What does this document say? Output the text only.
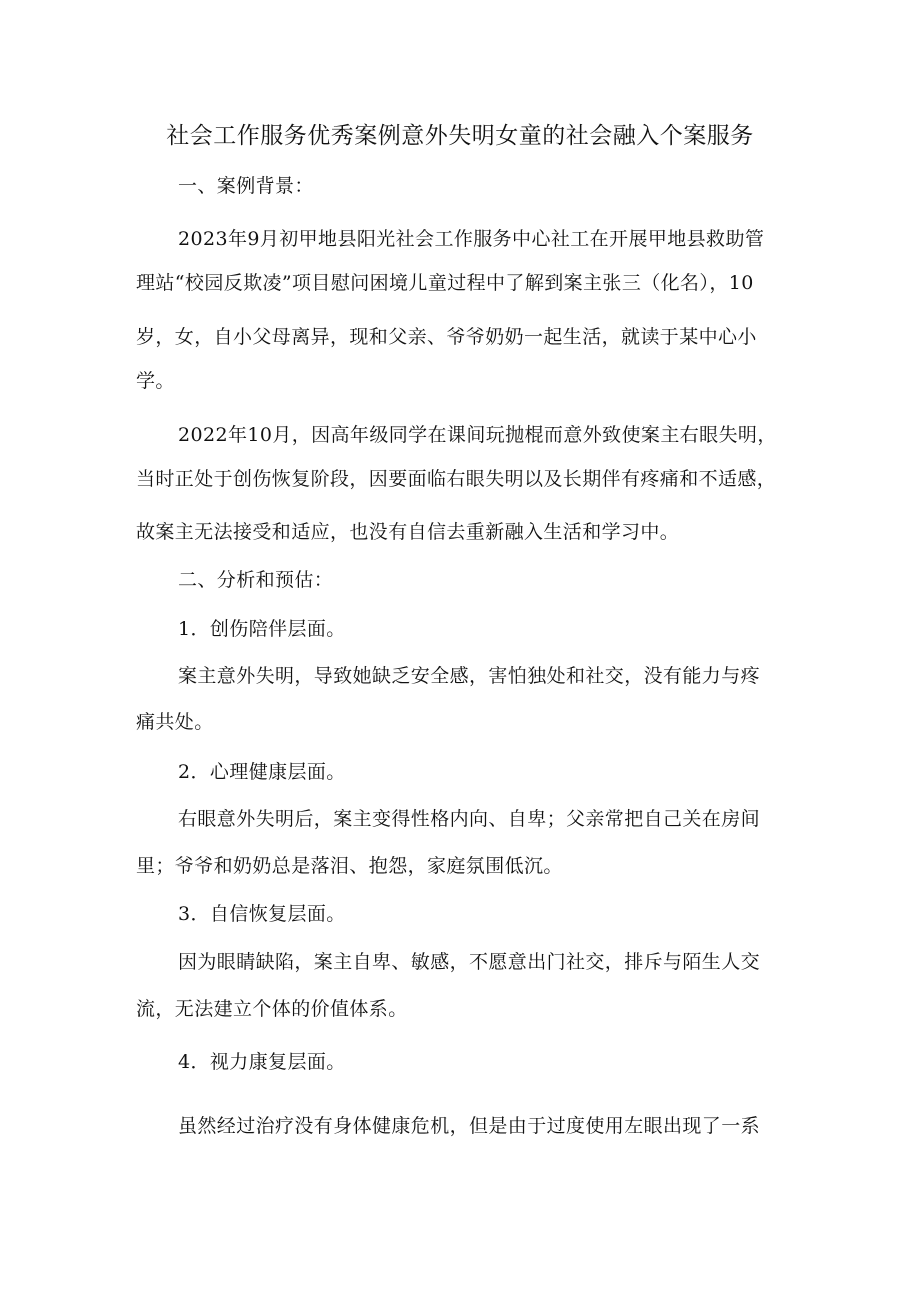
社会工作服务优秀案例意外失明女童的社会融入个案服务
一、案例背景：
2023年9月初甲地县阳光社会工作服务中心社工在开展甲地县救助管
理站“校园反欺凌”项目慰问困境儿童过程中了解到案主张三（化名），10
岁，女，自小父母离异，现和父亲、爷爷奶奶一起生活，就读于某中心小
学。
2022年10月，因高年级同学在课间玩抛棍而意外致使案主右眼失明，
当时正处于创伤恢复阶段，因要面临右眼失明以及长期伴有疼痛和不适感，
故案主无法接受和适应，也没有自信去重新融入生活和学习中。
二、分析和预估：
1．创伤陪伴层面。
案主意外失明，导致她缺乏安全感，害怕独处和社交，没有能力与疼
痛共处。
2．心理健康层面。
右眼意外失明后，案主变得性格内向、自卑；父亲常把自己关在房间
里；爷爷和奶奶总是落泪、抱怨，家庭氛围低沉。
3．自信恢复层面。
因为眼睛缺陷，案主自卑、敏感，不愿意出门社交，排斥与陌生人交
流，无法建立个体的价值体系。
4．视力康复层面。
虽然经过治疗没有身体健康危机，但是由于过度使用左眼出现了一系
